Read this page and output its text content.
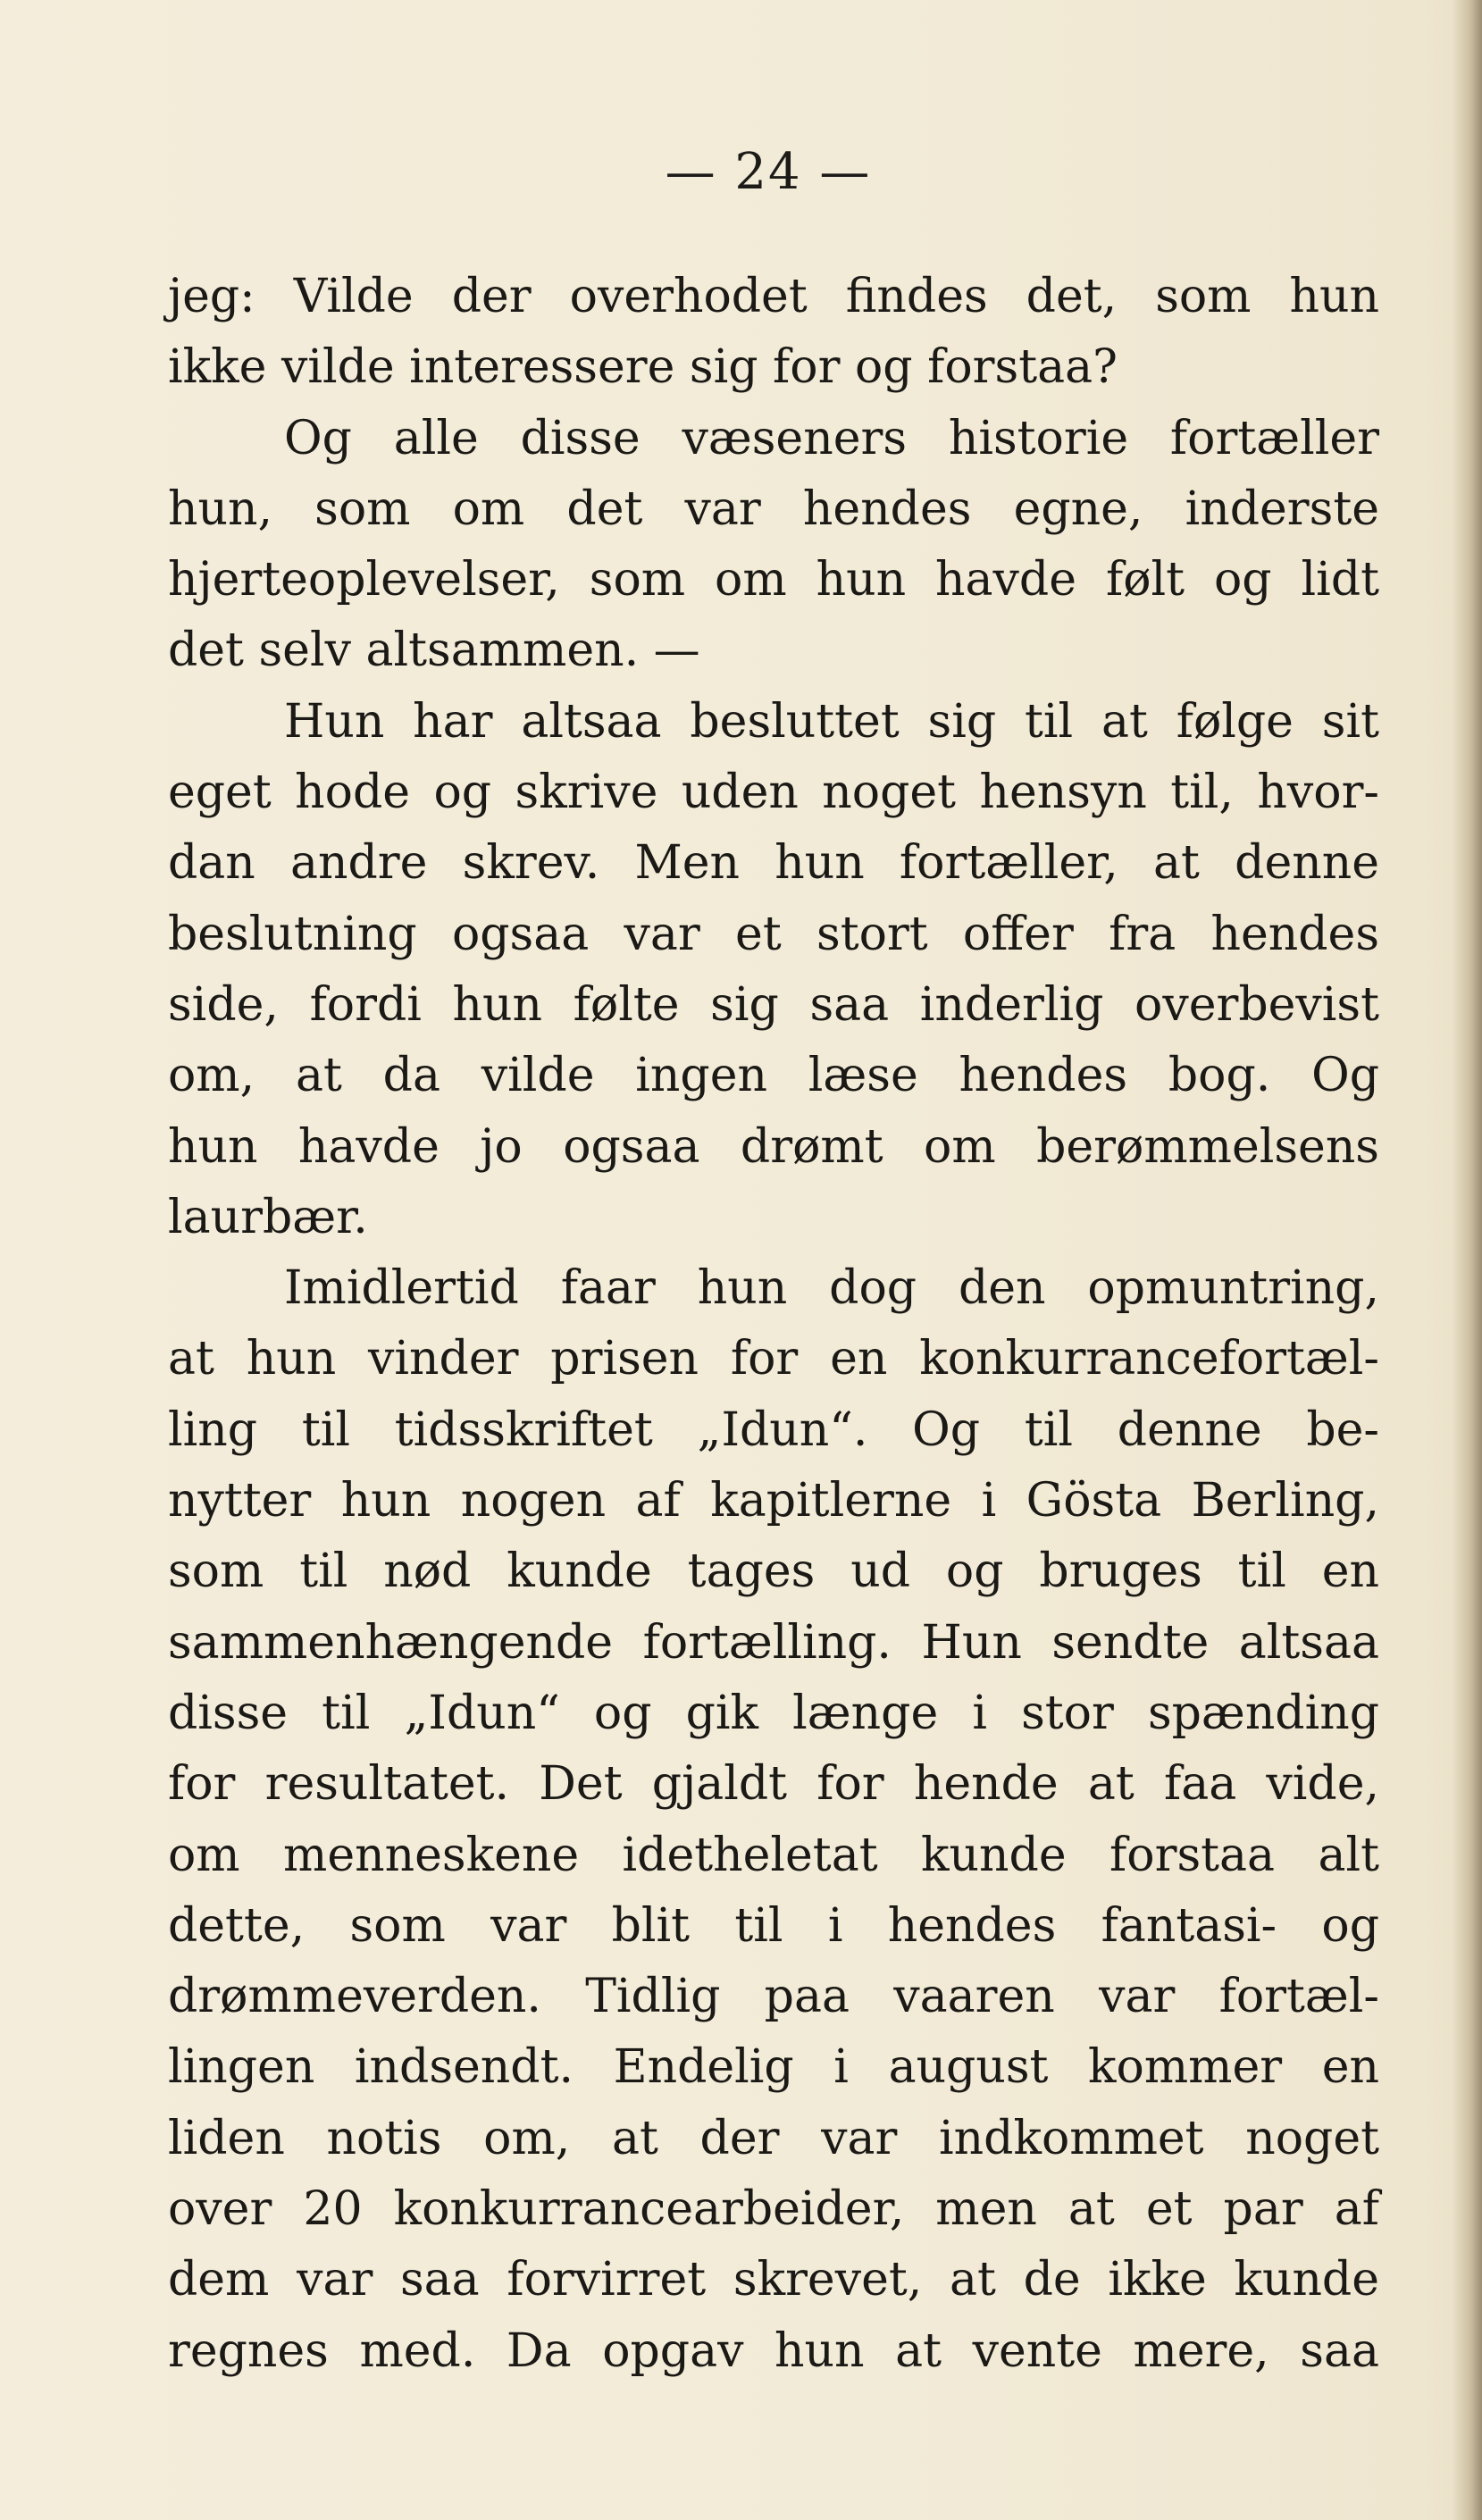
— 24 —
jeg: Vilde der overhodet findes det, som hun
ikke vilde interessere sig for og forstaa?
Og alle disse væseners historie fortæller
hun, som om det var hendes egne, inderste
hjerteoplevelser, som om hun havde følt og lidt
det selv altsammen. —
Hun har altsaa besluttet sig til at følge sit
eget hode og skrive uden noget hensyn til, hvor-
dan andre skrev. Men hun fortæller, at denne
beslutning ogsaa var et stort offer fra hendes
side, fordi hun følte sig saa inderlig overbevist
om, at da vilde ingen læse hendes bog. Og
hun havde jo ogsaa drømt om berømmelsens
laurbær.
Imidlertid faar hun dog den opmuntring,
at hun vinder prisen for en konkurrancefortæl-
ling til tidsskriftet „Idun“. Og til denne be-
nytter hun nogen af kapitlerne i Gösta Berling,
som til nød kunde tages ud og bruges til en
sammenhængende fortælling. Hun sendte altsaa
disse til „Idun“ og gik længe i stor spænding
for resultatet. Det gjaldt for hende at faa vide,
om menneskene idetheletat kunde forstaa alt
dette, som var blit til i hendes fantasi- og
drømmeverden. Tidlig paa vaaren var fortæl-
lingen indsendt. Endelig i august kommer en
liden notis om, at der var indkommet noget
over 20 konkurrancearbeider, men at et par af
dem var saa forvirret skrevet, at de ikke kunde
regnes med. Da opgav hun at vente mere, saa
